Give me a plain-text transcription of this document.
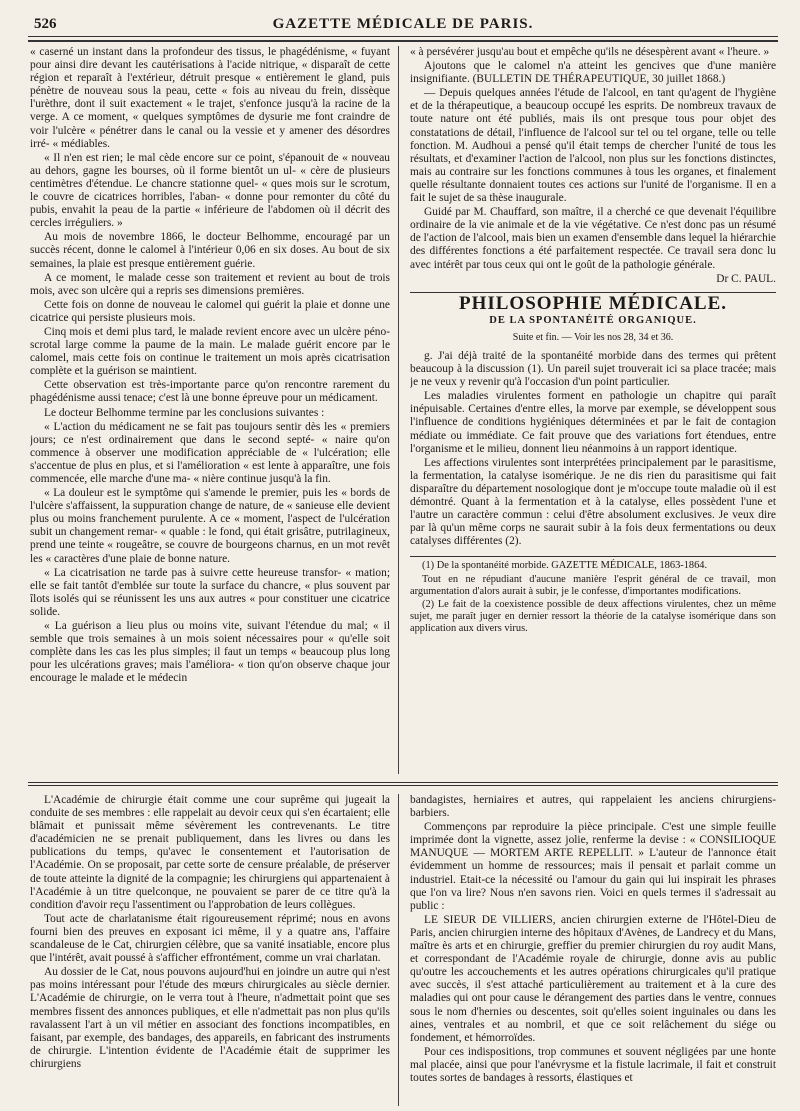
526	GAZETTE MÉDICALE DE PARIS.

« caserné un instant dans la profondeur des tissus, le phagédénisme, « fuyant pour ainsi dire devant les cautérisations à l'acide nitrique, « disparaît de cette région et reparaît à l'extérieur, détruit presque « entièrement le gland, puis pénètre de nouveau sous la peau, cette « fois au niveau du frein, dissèque l'urèthre, dont il suit exactement « le trajet, s'enfonce jusqu'à la racine de la verge. A ce moment, « quelques symptômes de dysurie me font craindre de voir l'ulcère « pénétrer dans le canal ou la vessie et y amener des désordres irré- « médiables.

« Il n'en est rien; le mal cède encore sur ce point, s'épanouit de « nouveau au dehors, gagne les bourses, où il forme bientôt un ul- « cère de plusieurs centimètres d'étendue. Le chancre stationne quel- « ques mois sur le scrotum, le couvre de cicatrices horribles, l'aban- « donne pour remonter du côté du pubis, envahit la peau de la partie « inférieure de l'abdomen où il décrit des cercles irréguliers. »

Au mois de novembre 1866, le docteur Belhomme, encouragé par un succès récent, donne le calomel à l'intérieur 0,06 en six doses. Au bout de six semaines, la plaie est presque entièrement guérie.

A ce moment, le malade cesse son traitement et revient au bout de trois mois, avec son ulcère qui a repris ses dimensions premières.

Cette fois on donne de nouveau le calomel qui guérit la plaie et donne une cicatrice qui persiste plusieurs mois.

Cinq mois et demi plus tard, le malade revient encore avec un ulcère péno-scrotal large comme la paume de la main. Le malade guérit encore par le calomel, mais cette fois on continue le traitement un mois après cicatrisation complète et la guérison se maintient.

Cette observation est très-importante parce qu'on rencontre rarement du phagédénisme aussi tenace; c'est là une bonne épreuve pour un médicament.

Le docteur Belhomme termine par les conclusions suivantes :

« L'action du médicament ne se fait pas toujours sentir dès les « premiers jours; ce n'est ordinairement que dans le second septé- « naire qu'on commence à observer une modification appréciable de « l'ulcération; elle s'accentue de plus en plus, et si l'amélioration « est lente à apparaître, une fois commencée, elle marche d'une ma- « nière continue jusqu'à la fin.

« La douleur est le symptôme qui s'amende le premier, puis les « bords de l'ulcère s'affaissent, la suppuration change de nature, de « sanieuse elle devient plus ou moins franchement purulente. A ce « moment, l'aspect de l'ulcération subit un changement remar- « quable : le fond, qui était grisâtre, putrilagineux, prend une teinte « rougeâtre, se couvre de bourgeons charnus, en un mot revêt les « caractères d'une plaie de bonne nature.

« La cicatrisation ne tarde pas à suivre cette heureuse transfor- « mation; elle se fait tantôt d'emblée sur toute la surface du chancre, « plus souvent par îlots isolés qui se réunissent les uns aux autres « pour constituer une cicatrice solide.

« La guérison a lieu plus ou moins vite, suivant l'étendue du mal; « il semble que trois semaines à un mois soient nécessaires pour « qu'elle soit complète dans les cas les plus simples; il faut un temps « beaucoup plus long pour les ulcérations graves; mais l'améliora- « tion qu'on observe chaque jour encourage le malade et le médecin

« à persévérer jusqu'au bout et empêche qu'ils ne désespèrent avant « l'heure. »

Ajoutons que le calomel n'a atteint les gencives que d'une manière insignifiante. (BULLETIN DE THÉRAPEUTIQUE, 30 juillet 1868.)

— Depuis quelques années l'étude de l'alcool, en tant qu'agent de l'hygiène et de la thérapeutique, a beaucoup occupé les esprits. De nombreux travaux de toute nature ont été publiés, mais ils ont presque tous pour objet des constatations de détail, l'influence de l'alcool sur tel ou tel organe, telle ou telle fonction. M. Audhoui a pensé qu'il était temps de chercher l'unité de tous les résultats, et d'examiner l'action de l'alcool, non plus sur les fonctions distinctes, mais au contraire sur les fonctions communes à tous les organes, et finalement quelle résultante donnaient toutes ces actions sur l'unité de l'organisme. Il en a fait le sujet de sa thèse inaugurale.

Guidé par M. Chauffard, son maître, il a cherché ce que devenait l'équilibre ordinaire de la vie animale et de la vie végétative. Ce n'est donc pas un résumé de l'action de l'alcool, mais bien un examen d'ensemble dans lequel la hiérarchie des différentes fonctions a été parfaitement respectée. Ce travail sera donc lu avec intérêt par tous ceux qui ont le goût de la pathologie générale.

Dr C. PAUL.

PHILOSOPHIE MÉDICALE.
DE LA SPONTANÉITÉ ORGANIQUE.
Suite et fin. — Voir les nos 28, 34 et 36.

g. J'ai déjà traité de la spontanéité morbide dans des termes qui prêtent beaucoup à la discussion (1). Un pareil sujet trouverait ici sa place tracée; mais je ne veux y revenir qu'à l'occasion d'un point particulier.

Les maladies virulentes forment en pathologie un chapitre qui paraît inépuisable. Certaines d'entre elles, la morve par exemple, se développent sous l'influence de conditions hygiéniques déterminées et par le fait de contagion médiate ou immédiate. Ce fait prouve que des variations fort étendues, entre l'organisme et le milieu, donnent lieu néanmoins à un rapport identique.

Les affections virulentes sont interprétées principalement par le parasitisme, la fermentation, la catalyse isomérique. Je ne dis rien du parasitisme qui fait disparaître du département nosologique dont je m'occupe toute maladie où il est démontré. Quant à la fermentation et à la catalyse, elles possèdent l'une et l'autre un caractère commun : celui d'être absolument exclusives. Je veux dire par là qu'un même corps ne saurait subir à la fois deux fermentations ou deux catalyses différentes (2).

(1) De la spontanéité morbide. GAZETTE MÉDICALE, 1863-1864.

Tout en ne répudiant d'aucune manière l'esprit général de ce travail, mon argumentation d'alors aurait à subir, je le confesse, d'importantes modifications.

(2) Le fait de la coexistence possible de deux affections virulentes, chez un même sujet, me paraît juger en dernier ressort la théorie de la catalyse isomérique dans son application aux divers virus.

L'Académie de chirurgie était comme une cour suprême qui jugeait la conduite de ses membres : elle rappelait au devoir ceux qui s'en écartaient; elle blâmait et punissait même sévèrement les contrevenants. Le titre d'académicien ne se prenait publiquement, dans les livres ou dans les publications du temps, qu'avec le consentement et l'autorisation de l'Académie. On se proposait, par cette sorte de censure préalable, de préserver de toute atteinte la dignité de la compagnie; les chirurgiens qui appartenaient à l'Académie à un titre quelconque, ne pouvaient se parer de ce titre qu'à la condition d'avoir reçu l'assentiment ou l'approbation de leurs collègues.

Tout acte de charlatanisme était rigoureusement réprimé; nous en avons fourni bien des preuves en exposant ici même, il y a quatre ans, l'affaire scandaleuse de le Cat, chirurgien célèbre, que sa vanité insatiable, encore plus que l'intérêt, avait poussé à s'afficher effrontément, comme un vrai charlatan.

Au dossier de le Cat, nous pouvons aujourd'hui en joindre un autre qui n'est pas moins intéressant pour l'étude des mœurs chirurgicales au siècle dernier. L'Académie de chirurgie, on le verra tout à l'heure, n'admettait point que ses membres fissent des annonces publiques, et elle n'admettait pas non plus qu'ils ravalassent l'art à un vil métier en associant des fonctions incompatibles, en faisant, par exemple, des bandages, des appareils, en fabricant des instruments de chirurgie. L'intention évidente de l'Académie était de supprimer les chirurgiens

bandagistes, herniaires et autres, qui rappelaient les anciens chirurgiens-barbiers.

Commençons par reproduire la pièce principale. C'est une simple feuille imprimée dont la vignette, assez jolie, renferme la devise : « CONSILIOQUE MANUQUE — MORTEM ARTE REPELLIT. » L'auteur de l'annonce était évidemment un homme de ressources; mais il pensait et parlait comme un industriel. Etait-ce la nécessité ou l'amour du gain qui lui inspirait les phrases que l'on va lire? Nous n'en savons rien. Voici en quels termes il s'adressait au public :

LE SIEUR DE VILLIERS, ancien chirurgien externe de l'Hôtel-Dieu de Paris, ancien chirurgien interne des hôpitaux d'Avènes, de Landrecy et du Mans, maître ès arts et en chirurgie, greffier du premier chirurgien du roy audit Mans, et correspondant de l'Académie royale de chirurgie, donne avis au public qu'outre les accouchements et les autres opérations chirurgicales qu'il pratique avec succès, il s'est attaché particulièrement au traitement et à la cure des maladies qui ont pour cause le dérangement des parties dans le ventre, connues sous le nom d'hernies ou descentes, soit qu'elles soient inguinales ou dans les aines, ventrales et au nombril, et que ce soit relâchement du siége ou fondement, et hémorroïdes.

Pour ces indispositions, trop communes et souvent négligées par une honte mal placée, ainsi que pour l'anévrysme et la fistule lacrimale, il fait et construit toutes sortes de bandages à ressorts, élastiques et
